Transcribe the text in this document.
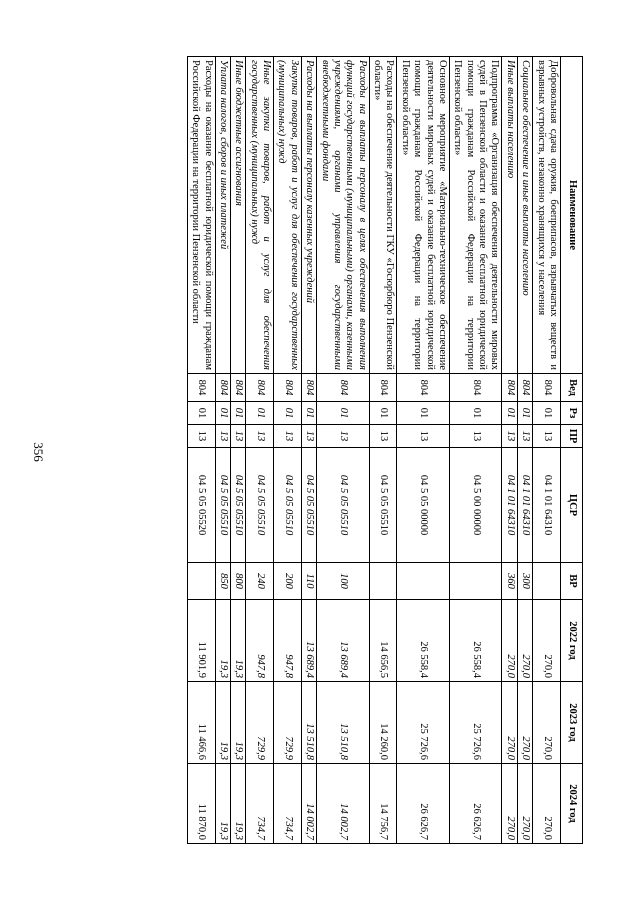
356
Наименование	Вед	Рз	ПР	ЦСР	ВР	2022 год	2023 год	2024 год
Добровольная сдача оружия, боеприпасов, взрывчатых веществ и взрывных устройств, незаконно хранящихся у населения	804	01	13	04 1 01 64310		270,0	270,0	270,0
Социальное обеспечение и иные выплаты населению	804	01	13	04 1 01 64310	300	270,0	270,0	270,0
Иные выплаты населению	804	01	13	04 1 01 64310	360	270,0	270,0	270,0
Подпрограмма «Организация обеспечения деятельности мировых судей в Пензенской области и оказание бесплатной юридической помощи гражданам Российской Федерации на территории Пензенской области»	804	01	13	04 5 00 00000		26 558,4	25 726,6	26 626,7
Основное мероприятие «Материально-техническое обеспечение деятельности мировых судей и оказание бесплатной юридической помощи гражданам Российской Федерации на территории Пензенской области»	804	01	13	04 5 05 00000		26 558,4	25 726,6	26 626,7
Расходы на обеспечение деятельности ГКУ «Госюрбюро Пензенской области»	804	01	13	04 5 05 05510		14 656,5	14 260,0	14 756,7
Расходы на выплаты персоналу в целях обеспечения выполнения функций государственными (муниципальными) органами, казенными учреждениями, органами управления государственными внебюджетными фондами	804	01	13	04 5 05 05510	100	13 689,4	13 510,8	14 002,7
Расходы на выплаты персоналу казенных учреждений	804	01	13	04 5 05 05510	110	13 689,4	13 510,8	14 002,7
Закупка товаров, работ и услуг для обеспечения государственных (муниципальных) нужд	804	01	13	04 5 05 05510	200	947,8	729,9	734,7
Иные закупки товаров, работ и услуг для обеспечения государственных (муниципальных) нужд	804	01	13	04 5 05 05510	240	947,8	729,9	734,7
Иные бюджетные ассигнования	804	01	13	04 5 05 05510	800	19,3	19,3	19,3
Уплата налогов, сборов и иных платежей	804	01	13	04 5 05 05510	850	19,3	19,3	19,3
Расходы на оказание бесплатной юридической помощи гражданам Российской Федерации на территории Пензенской области	804	01	13	04 5 05 05520		11 901,9	11 466,6	11 870,0
